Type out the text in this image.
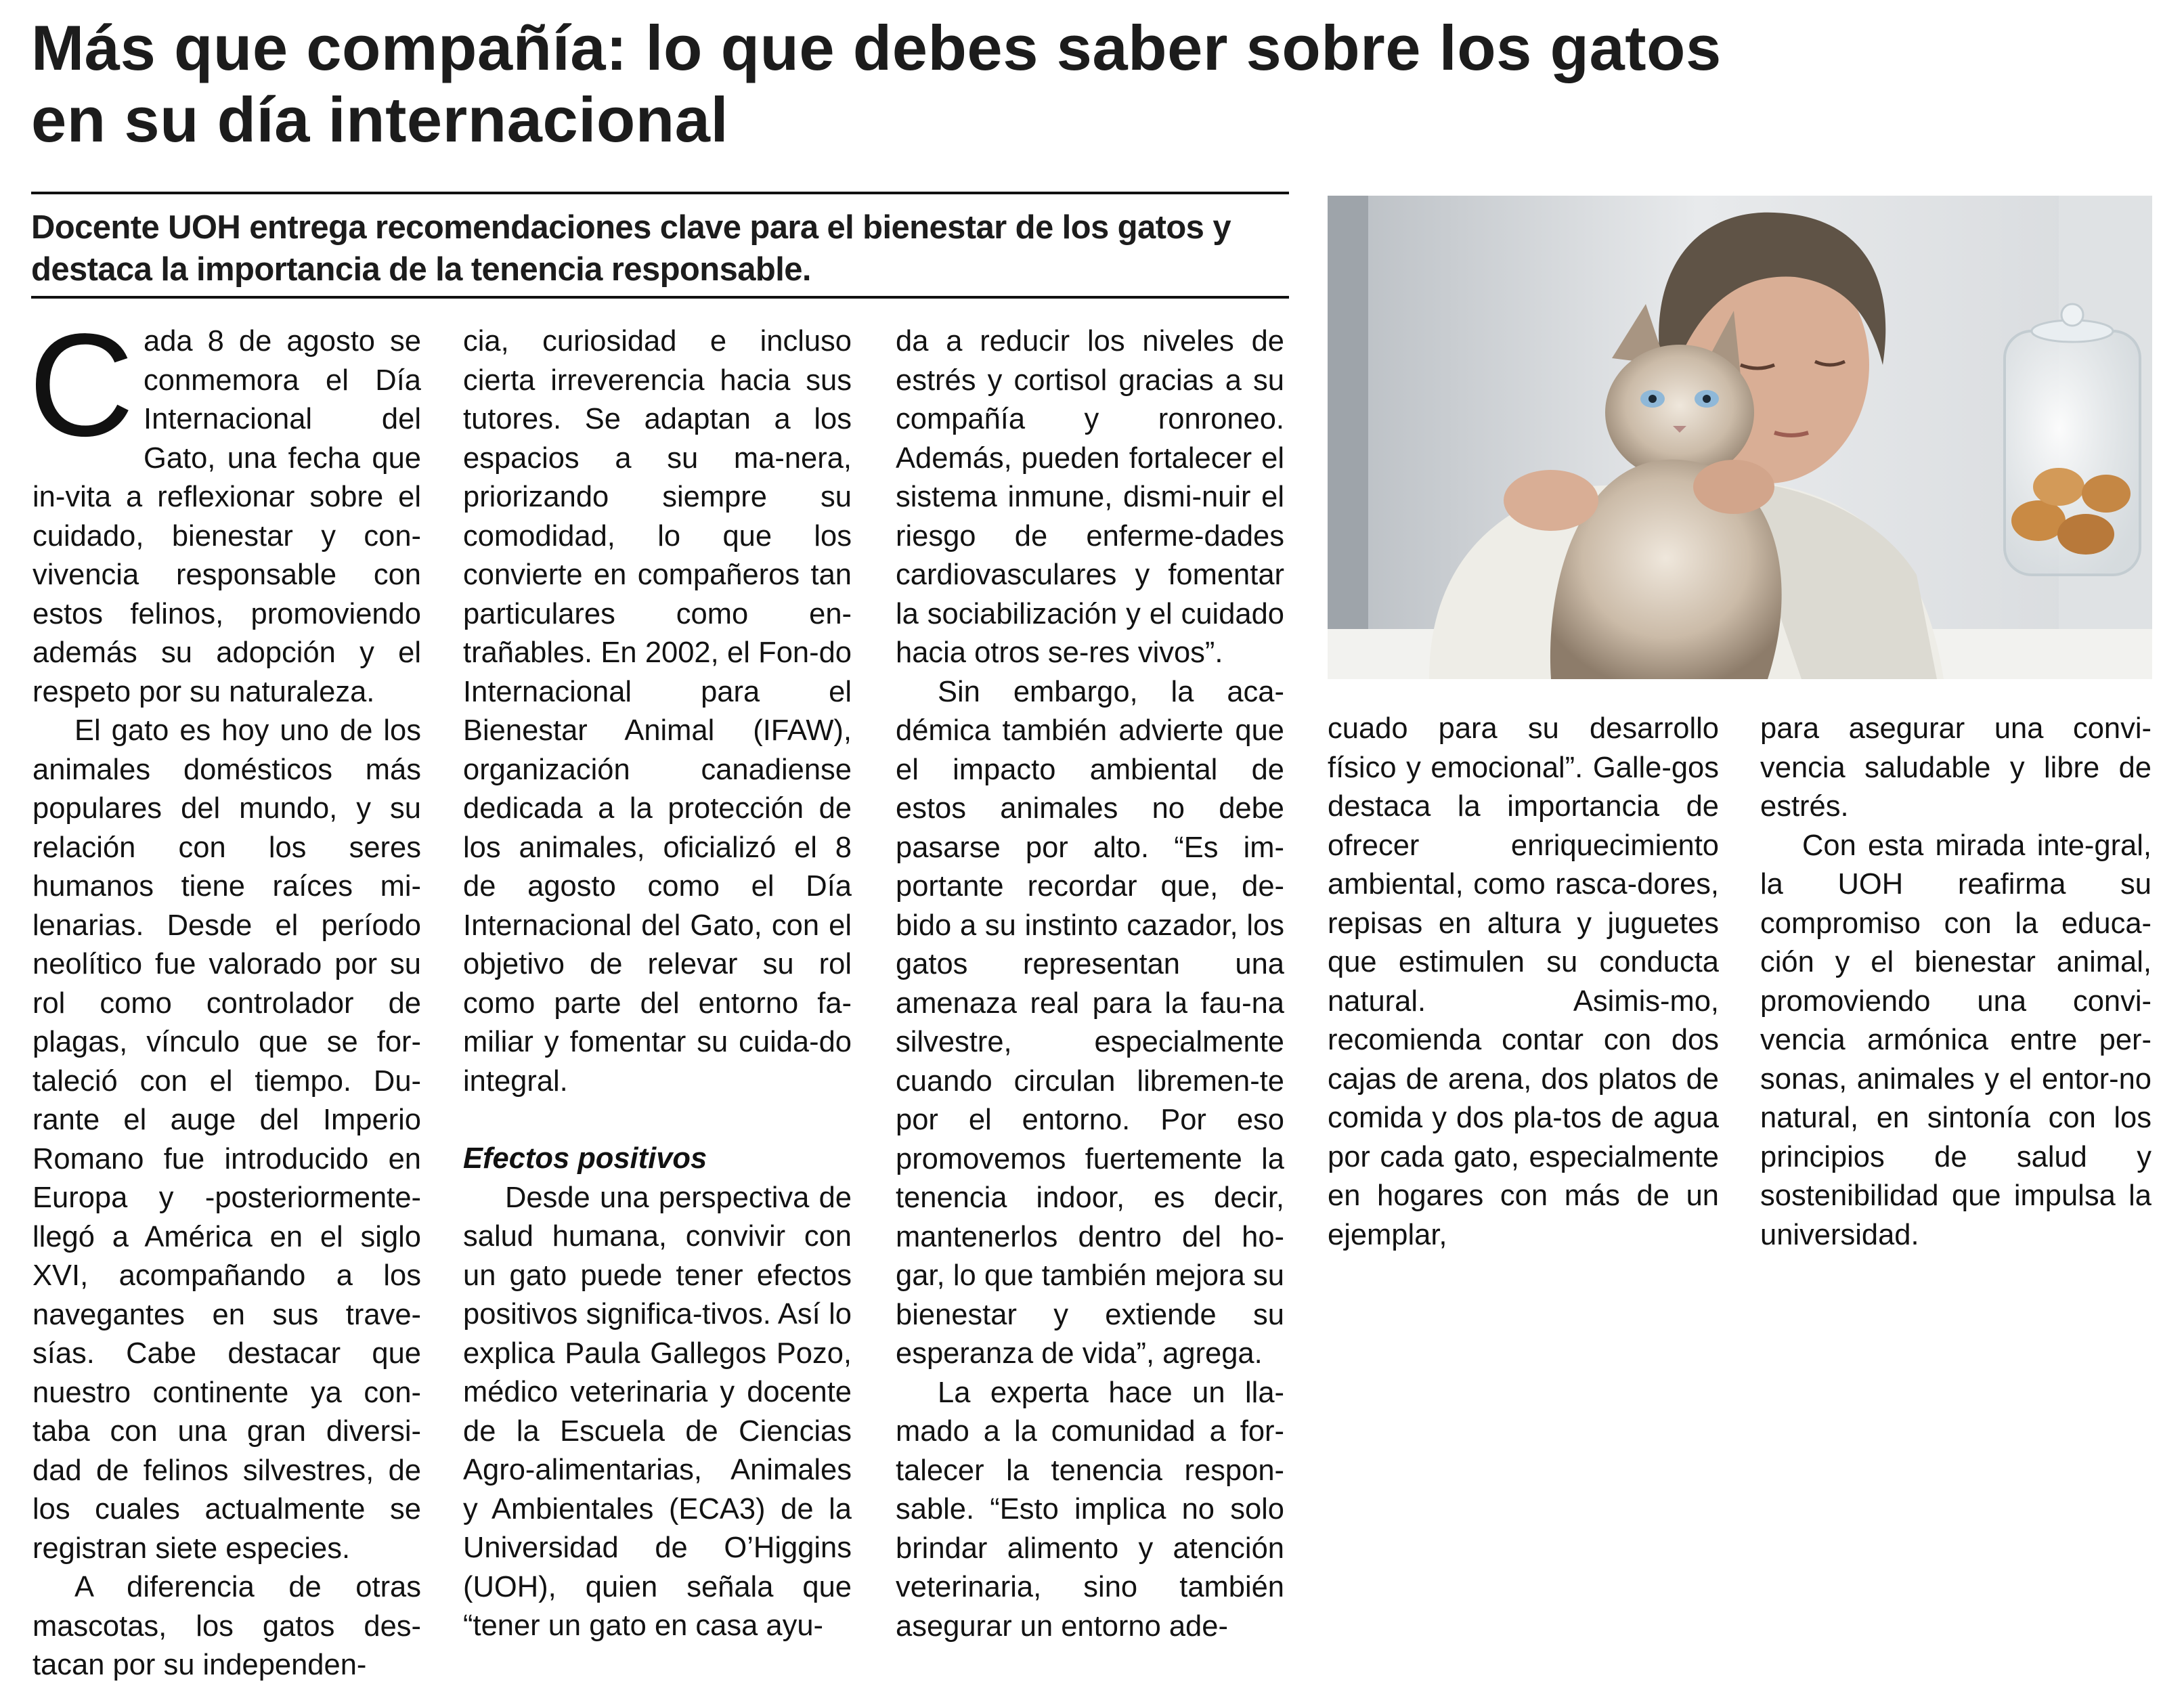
Más que compañía: lo que debes saber sobre los gatos en su día internacional
Docente UOH entrega recomendaciones clave para el bienestar de los gatos y destaca la importancia de la tenencia responsable.

Cada 8 de agosto se conmemora el Día Internacional del Gato, una fecha que in-vita a reflexionar sobre el cuidado, bienestar y con-vivencia responsable con estos felinos, promoviendo además su adopción y el respeto por su naturaleza.

El gato es hoy uno de los animales domésticos más populares del mundo, y su relación con los seres humanos tiene raíces mi-lenarias. Desde el período neolítico fue valorado por su rol como controlador de plagas, vínculo que se for-taleció con el tiempo. Du-rante el auge del Imperio Romano fue introducido en Europa y -posteriormente- llegó a América en el siglo XVI, acompañando a los navegantes en sus trave-sías. Cabe destacar que nuestro continente ya con-taba con una gran diversi-dad de felinos silvestres, de los cuales actualmente se registran siete especies.

A diferencia de otras mascotas, los gatos des-tacan por su independen-

cia, curiosidad e incluso cierta irreverencia hacia sus tutores. Se adaptan a los espacios a su ma-nera, priorizando siempre su comodidad, lo que los convierte en compañeros tan particulares como en-trañables. En 2002, el Fon-do Internacional para el Bienestar Animal (IFAW), organización canadiense dedicada a la protección de los animales, oficializó el 8 de agosto como el Día Internacional del Gato, con el objetivo de relevar su rol como parte del entorno fa-miliar y fomentar su cuida-do integral.

Efectos positivos

Desde una perspectiva de salud humana, convivir con un gato puede tener efectos positivos significa-tivos. Así lo explica Paula Gallegos Pozo, médico veterinaria y docente de la Escuela de Ciencias Agro-alimentarias, Animales y Ambientales (ECA3) de la Universidad de O’Higgins (UOH), quien señala que “tener un gato en casa ayu-

da a reducir los niveles de estrés y cortisol gracias a su compañía y ronroneo. Además, pueden fortalecer el sistema inmune, dismi-nuir el riesgo de enferme-dades cardiovasculares y fomentar la sociabilización y el cuidado hacia otros se-res vivos”.

Sin embargo, la aca-démica también advierte que el impacto ambiental de estos animales no debe pasarse por alto. “Es im-portante recordar que, de-bido a su instinto cazador, los gatos representan una amenaza real para la fau-na silvestre, especialmente cuando circulan libremen-te por el entorno. Por eso promovemos fuertemente la tenencia indoor, es decir, mantenerlos dentro del ho-gar, lo que también mejora su bienestar y extiende su esperanza de vida”, agrega.

La experta hace un lla-mado a la comunidad a for-talecer la tenencia respon-sable. “Esto implica no solo brindar alimento y atención veterinaria, sino también asegurar un entorno ade-

cuado para su desarrollo físico y emocional”. Galle-gos destaca la importancia de ofrecer enriquecimiento ambiental, como rasca-dores, repisas en altura y juguetes que estimulen su conducta natural. Asimis-mo, recomienda contar con dos cajas de arena, dos platos de comida y dos pla-tos de agua por cada gato, especialmente en hogares con más de un ejemplar,

para asegurar una convi-vencia saludable y libre de estrés.

Con esta mirada inte-gral, la UOH reafirma su compromiso con la educa-ción y el bienestar animal, promoviendo una convi-vencia armónica entre per-sonas, animales y el entor-no natural, en sintonía con los principios de salud y sostenibilidad que impulsa la universidad.
